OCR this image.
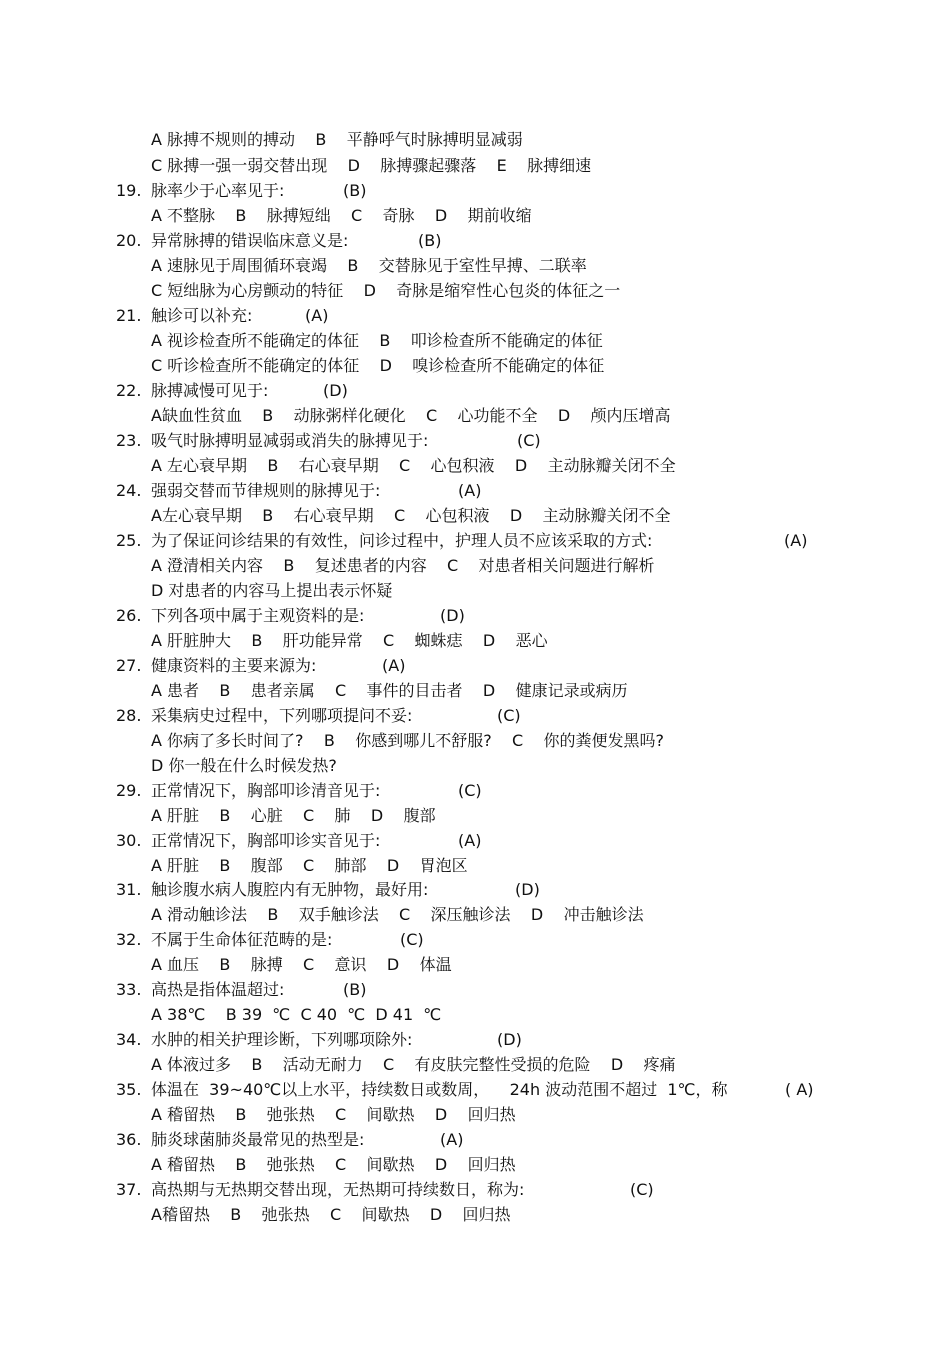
A 脉搏不规则的搏动    B    平静呼气时脉搏明显减弱
C 脉搏一强一弱交替出现    D    脉搏骤起骤落    E    脉搏细速
19. 脉率少于心率见于:	(B)
A 不整脉    B    脉搏短绌    C    奇脉    D    期前收缩
20. 异常脉搏的错误临床意义是:	(B)
A 速脉见于周围循环衰竭    B    交替脉见于室性早搏、二联率
C 短绌脉为心房颤动的特征    D    奇脉是缩窄性心包炎的体征之一
21. 触诊可以补充:	(A)
A 视诊检查所不能确定的体征    B    叩诊检查所不能确定的体征
C 听诊检查所不能确定的体征    D    嗅诊检查所不能确定的体征
22. 脉搏减慢可见于:	(D)
A缺血性贫血    B    动脉粥样化硬化    C    心功能不全    D    颅内压增高
23. 吸气时脉搏明显减弱或消失的脉搏见于:	(C)
A 左心衰早期    B    右心衰早期    C    心包积液    D    主动脉瓣关闭不全
24. 强弱交替而节律规则的脉搏见于:	(A)
A左心衰早期    B    右心衰早期    C    心包积液    D    主动脉瓣关闭不全
25. 为了保证问诊结果的有效性，问诊过程中，护理人员不应该采取的方式:	(A)
A 澄清相关内容    B    复述患者的内容    C    对患者相关问题进行解析
D 对患者的内容马上提出表示怀疑
26. 下列各项中属于主观资料的是:	(D)
A 肝脏肿大    B    肝功能异常    C    蜘蛛痣    D    恶心
27. 健康资料的主要来源为:	(A)
A 患者    B    患者亲属    C    事件的目击者    D    健康记录或病历
28. 采集病史过程中，下列哪项提问不妥:	(C)
A 你病了多长时间了?    B    你感到哪儿不舒服?    C    你的粪便发黑吗?
D 你一般在什么时候发热?
29. 正常情况下，胸部叩诊清音见于:	(C)
A 肝脏    B    心脏    C    肺    D    腹部
30. 正常情况下，胸部叩诊实音见于:	(A)
A 肝脏    B    腹部    C    肺部    D    胃泡区
31. 触诊腹水病人腹腔内有无肿物，最好用:	(D)
A 滑动触诊法    B    双手触诊法    C    深压触诊法    D    冲击触诊法
32. 不属于生命体征范畴的是:	(C)
A 血压    B    脉搏    C    意识    D    体温
33. 高热是指体温超过:	(B)
A 38℃    B 39  ℃  C 40  ℃  D 41  ℃
34. 水肿的相关护理诊断，下列哪项除外:	(D)
A 体液过多    B    活动无耐力    C    有皮肤完整性受损的危险    D    疼痛
35. 体温在  39~40℃以上水平，持续数日或数周，    24h 波动范围不超过  1℃，称	( A)
A 稽留热    B    弛张热    C    间歇热    D    回归热
36. 肺炎球菌肺炎最常见的热型是:	(A)
A 稽留热    B    弛张热    C    间歇热    D    回归热
37. 高热期与无热期交替出现，无热期可持续数日，称为:	(C)
A稽留热    B    弛张热    C    间歇热    D    回归热
